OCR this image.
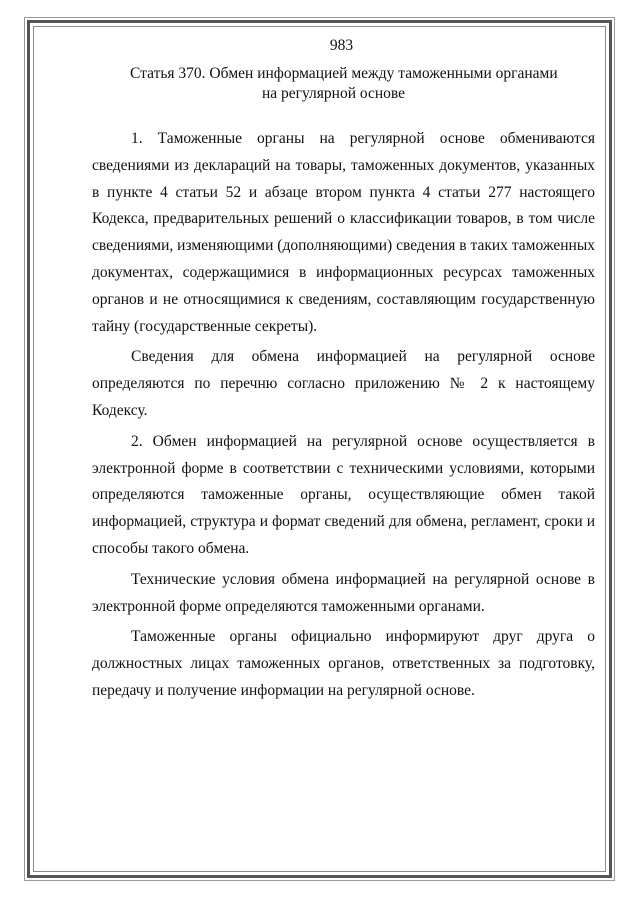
983
Статья 370. Обмен информацией между таможенными органами
на регулярной основе

1. Таможенные органы на регулярной основе обмениваются сведениями из деклараций на товары, таможенных документов, указанных в пункте 4 статьи 52 и абзаце втором пункта 4 статьи 277 настоящего Кодекса, предварительных решений о классификации товаров, в том числе сведениями, изменяющими (дополняющими) сведения в таких таможенных документах, содержащимися в информационных ресурсах таможенных органов и не относящимися к сведениям, составляющим государственную тайну (государственные секреты).

Сведения для обмена информацией на регулярной основе определяются по перечню согласно приложению № 2 к настоящему Кодексу.

2. Обмен информацией на регулярной основе осуществляется в электронной форме в соответствии с техническими условиями, которыми определяются таможенные органы, осуществляющие обмен такой информацией, структура и формат сведений для обмена, регламент, сроки и способы такого обмена.

Технические условия обмена информацией на регулярной основе в электронной форме определяются таможенными органами.

Таможенные органы официально информируют друг друга о должностных лицах таможенных органов, ответственных за подготовку, передачу и получение информации на регулярной основе.
